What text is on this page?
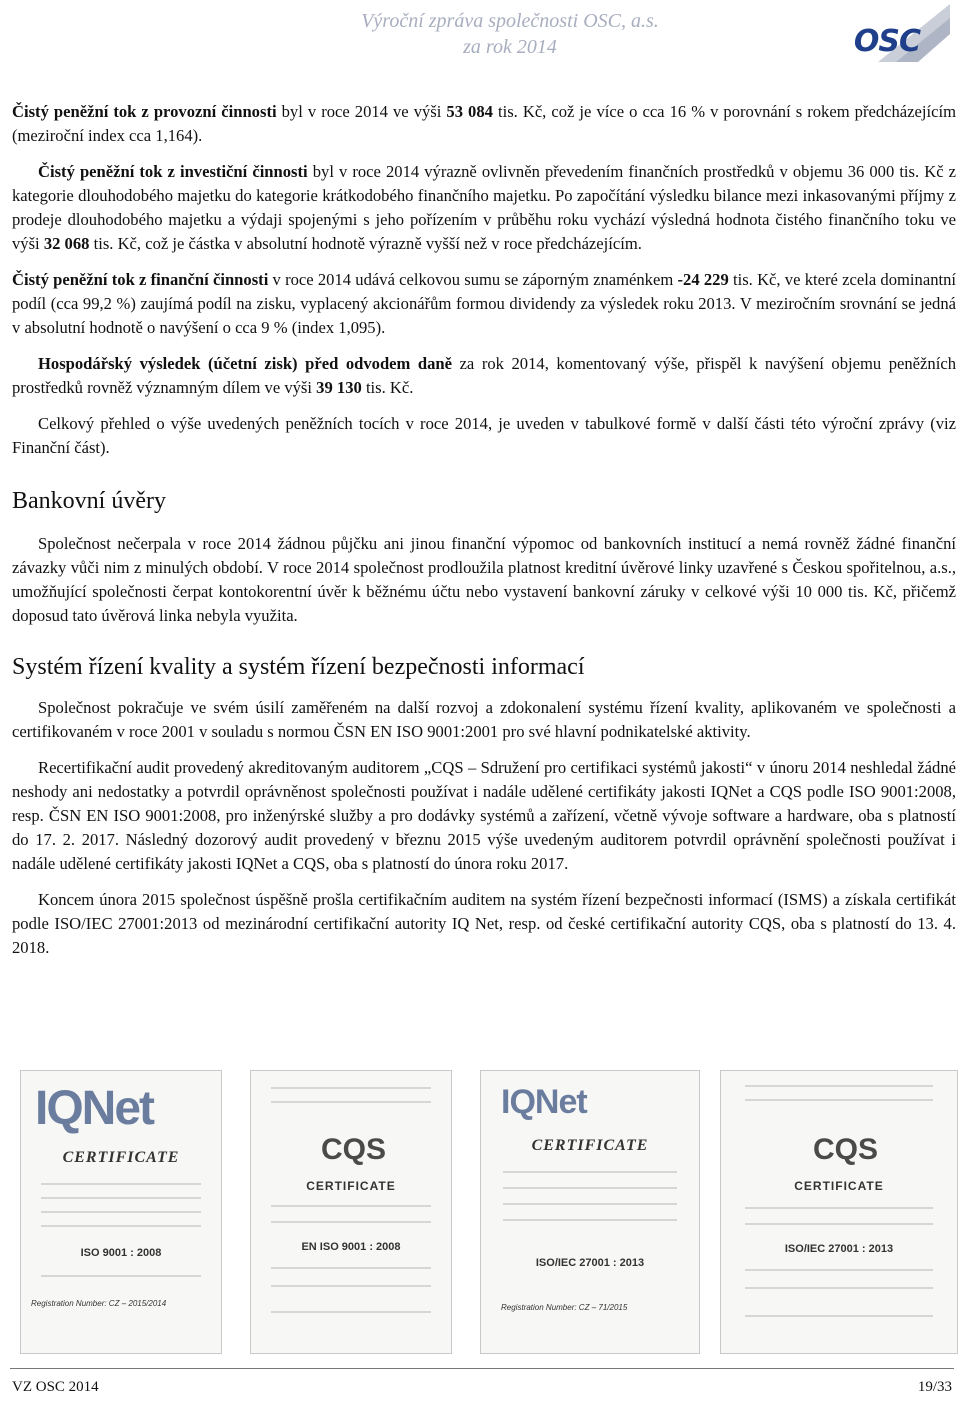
Výroční zpráva společnosti OSC, a.s.
za rok 2014	OSC

Čistý peněžní tok z provozní činnosti byl v roce 2014 ve výši 53 084 tis. Kč, což je více o cca 16 % v porovnání s rokem předcházejícím (meziroční index cca 1,164).

Čistý peněžní tok z investiční činnosti byl v roce 2014 výrazně ovlivněn převedením finančních prostředků v objemu 36 000 tis. Kč z kategorie dlouhodobého majetku do kategorie krátkodobého finančního majetku. Po započítání výsledku bilance mezi inkasovanými příjmy z prodeje dlouhodobého majetku a výdaji spojenými s jeho pořízením v průběhu roku vychází výsledná hodnota čistého finančního toku ve výši 32 068 tis. Kč, což je částka v absolutní hodnotě výrazně vyšší než v roce předcházejícím.

Čistý peněžní tok z finanční činnosti v roce 2014 udává celkovou sumu se záporným znaménkem -24 229 tis. Kč, ve které zcela dominantní podíl (cca 99,2 %) zaujímá podíl na zisku, vyplacený akcionářům formou dividendy za výsledek roku 2013. V meziročním srovnání se jedná v absolutní hodnotě o navýšení o cca 9 % (index 1,095).

Hospodářský výsledek (účetní zisk) před odvodem daně za rok 2014, komentovaný výše, přispěl k navýšení objemu peněžních prostředků rovněž významným dílem ve výši 39 130 tis. Kč.

Celkový přehled o výše uvedených peněžních tocích v roce 2014, je uveden v tabulkové formě v další části této výroční zprávy (viz Finanční část).

Bankovní úvěry

Společnost nečerpala v roce 2014 žádnou půjčku ani jinou finanční výpomoc od bankovních institucí a nemá rovněž žádné finanční závazky vůči nim z minulých období. V roce 2014 společnost prodloužila platnost kreditní úvěrové linky uzavřené s Českou spořitelnou, a.s., umožňující společnosti čerpat kontokorentní úvěr k běžnému účtu nebo vystavení bankovní záruky v celkové výši 10 000 tis. Kč, přičemž doposud tato úvěrová linka nebyla využita.

Systém řízení kvality a systém řízení bezpečnosti informací

Společnost pokračuje ve svém úsilí zaměřeném na další rozvoj a zdokonalení systému řízení kvality, aplikovaném ve společnosti a certifikovaném v roce 2001 v souladu s normou ČSN EN ISO 9001:2001 pro své hlavní podnikatelské aktivity.

Recertifikační audit provedený akreditovaným auditorem „CQS – Sdružení pro certifikaci systémů jakosti“ v únoru 2014 neshledal žádné neshody ani nedostatky a potvrdil oprávněnost společnosti používat i nadále udělené certifikáty jakosti IQNet a CQS podle ISO 9001:2008, resp. ČSN EN ISO 9001:2008, pro inženýrské služby a pro dodávky systémů a zařízení, včetně vývoje software a hardware, oba s platností do 17. 2. 2017. Následný dozorový audit provedený v březnu 2015 výše uvedeným auditorem potvrdil oprávnění společnosti používat i nadále udělené certifikáty jakosti IQNet a CQS, oba s platností do února roku 2017.

Koncem února 2015 společnost úspěšně prošla certifikačním auditem na systém řízení bezpečnosti informací (ISMS) a získala certifikát podle ISO/IEC 27001:2013 od mezinárodní certifikační autority IQ Net, resp. od české certifikační autority CQS, oba s platností do 13. 4. 2018.

IQNet
CERTIFICATE
ISO 9001 : 2008
Registration Number: CZ – 2015/2014
CQS
CERTIFICATE
EN ISO 9001 : 2008
IQNet
CERTIFICATE
ISO/IEC 27001 : 2013
Registration Number: CZ – 71/2015
CQS
CERTIFICATE
ISO/IEC 27001 : 2013
VZ OSC 2014	19/33
